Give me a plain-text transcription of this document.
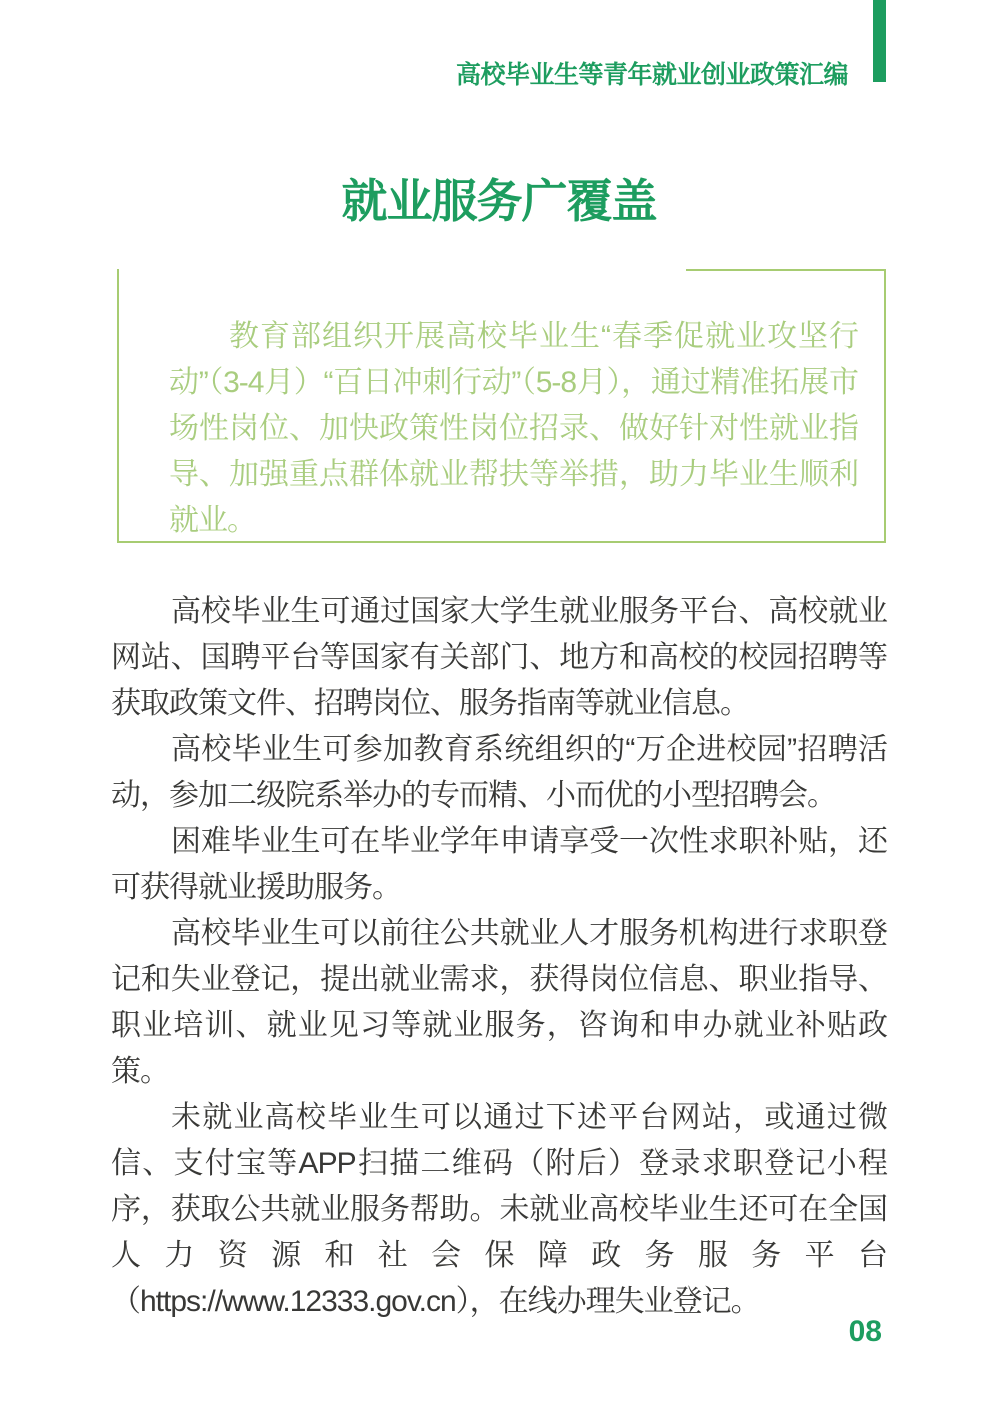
高校毕业生等青年就业创业政策汇编
就业服务广覆盖

教育部组织开展高校毕业生“春季促就业攻坚行动”（3-4月）“百日冲刺行动”（5-8月），通过精准拓展市场性岗位、加快政策性岗位招录、做好针对性就业指导、加强重点群体就业帮扶等举措，助力毕业生顺利就业。

高校毕业生可通过国家大学生就业服务平台、高校就业网站、国聘平台等国家有关部门、地方和高校的校园招聘等获取政策文件、招聘岗位、服务指南等就业信息。

高校毕业生可参加教育系统组织的“万企进校园”招聘活动，参加二级院系举办的专而精、小而优的小型招聘会。

困难毕业生可在毕业学年申请享受一次性求职补贴，还可获得就业援助服务。

高校毕业生可以前往公共就业人才服务机构进行求职登记和失业登记，提出就业需求，获得岗位信息、职业指导、职业培训、就业见习等就业服务，咨询和申办就业补贴政策。

未就业高校毕业生可以通过下述平台网站，或通过微信、支付宝等APP扫描二维码（附后）登录求职登记小程序，获取公共就业服务帮助。未就业高校毕业生还可在全国人力资源和社会保障政务服务平台（https://www.12333.gov.cn），在线办理失业登记。

08
